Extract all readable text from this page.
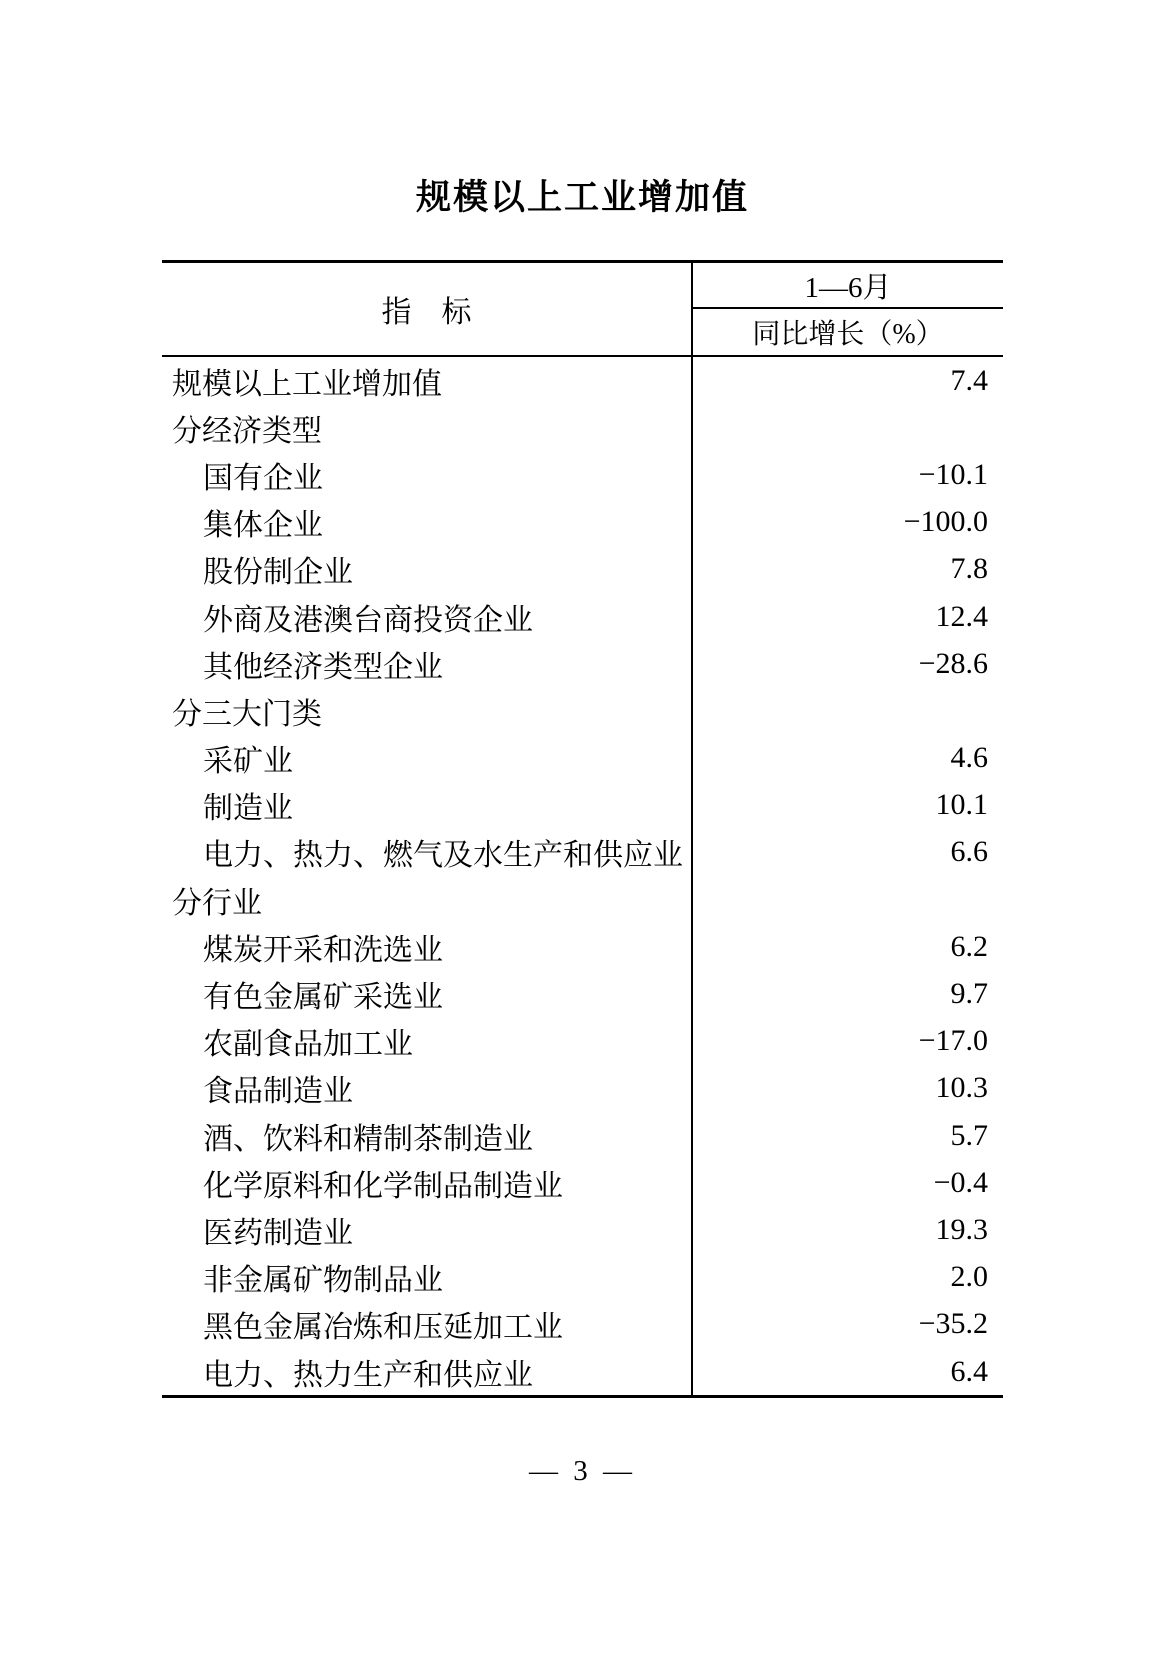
规模以上工业增加值
指　标
1—6月
同比增长（%）
规模以上工业增加值	7.4
分经济类型
国有企业	−10.1
集体企业	−100.0
股份制企业	7.8
外商及港澳台商投资企业	12.4
其他经济类型企业	−28.6
分三大门类
采矿业	4.6
制造业	10.1
电力、热力、燃气及水生产和供应业	6.6
分行业
煤炭开采和洗选业	6.2
有色金属矿采选业	9.7
农副食品加工业	−17.0
食品制造业	10.3
酒、饮料和精制茶制造业	5.7
化学原料和化学制品制造业	−0.4
医药制造业	19.3
非金属矿物制品业	2.0
黑色金属冶炼和压延加工业	−35.2
电力、热力生产和供应业	6.4
— 3 —
